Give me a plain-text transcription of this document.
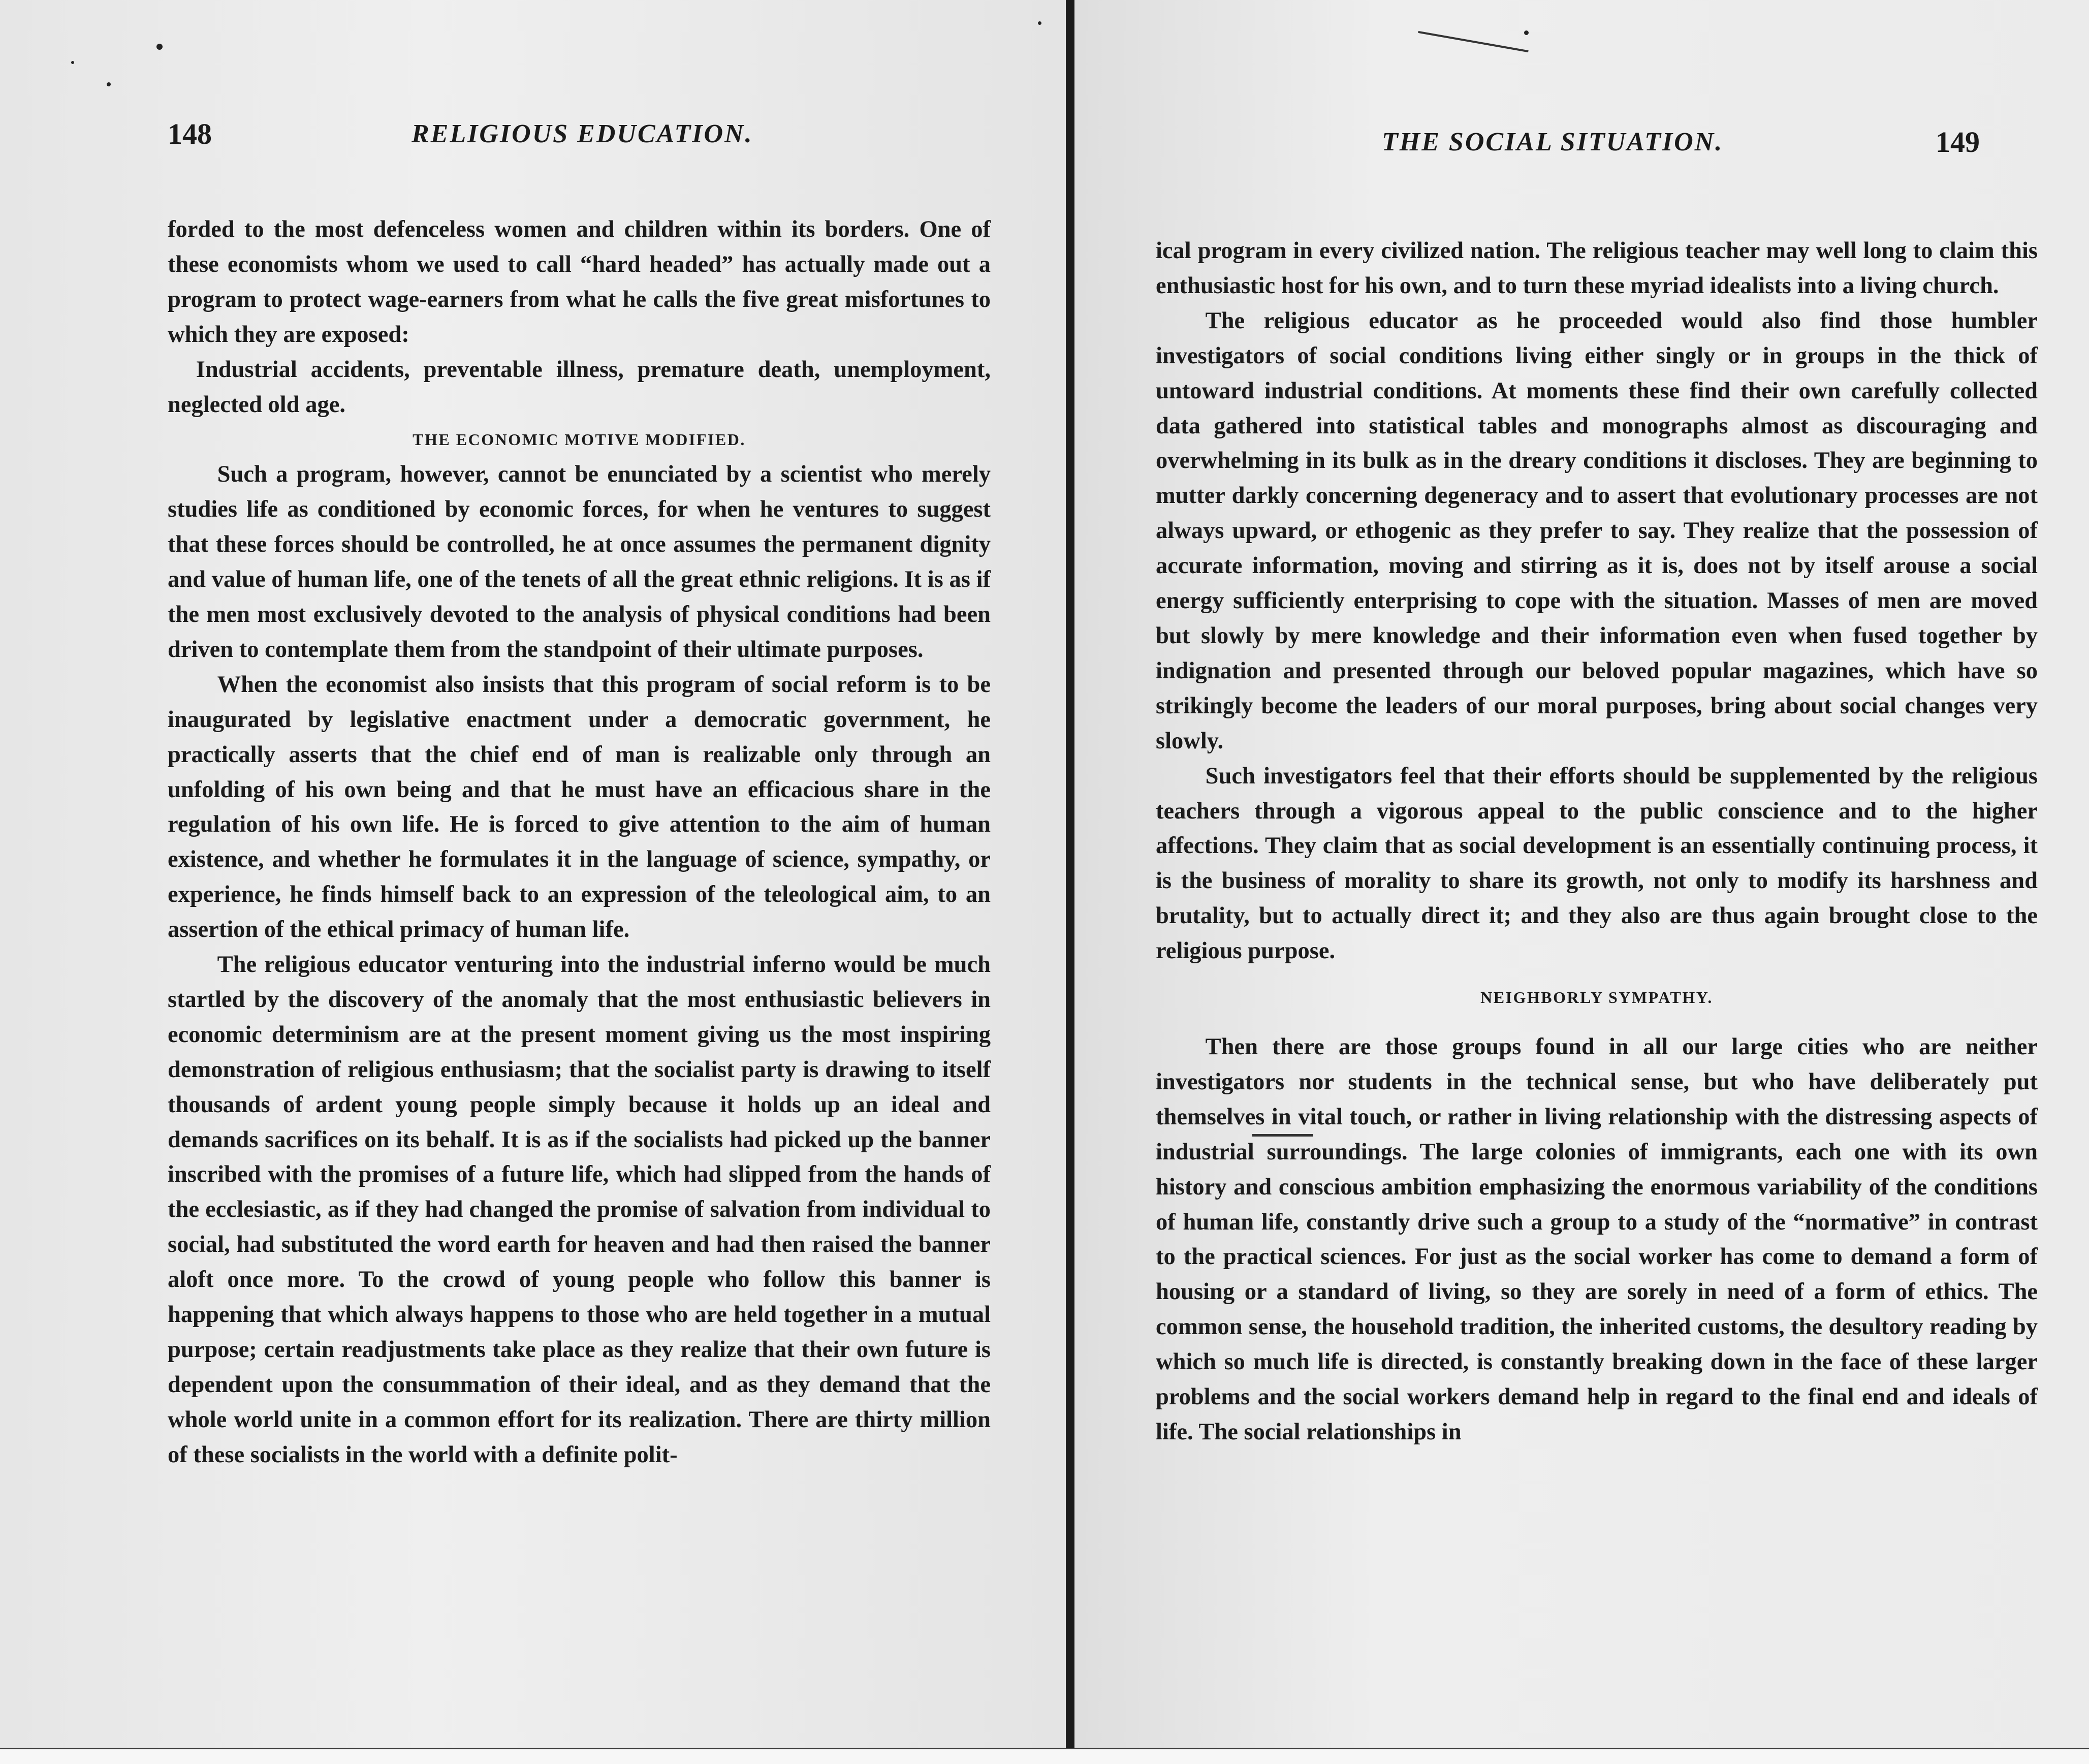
148	RELIGIOUS EDUCATION.

forded to the most defenceless women and children within its borders. One of these economists whom we used to call “hard headed” has actually made out a program to protect wage-earners from what he calls the five great misfortunes to which they are exposed:

Industrial accidents, preventable illness, premature death, unemployment, neglected old age.

THE ECONOMIC MOTIVE MODIFIED.

Such a program, however, cannot be enunciated by a scientist who merely studies life as conditioned by economic forces, for when he ventures to suggest that these forces should be controlled, he at once assumes the permanent dignity and value of human life, one of the tenets of all the great ethnic religions. It is as if the men most exclusively devoted to the analysis of physical conditions had been driven to contemplate them from the standpoint of their ultimate purposes.

When the economist also insists that this program of social reform is to be inaugurated by legislative enactment under a democratic government, he practically asserts that the chief end of man is realizable only through an unfolding of his own being and that he must have an efficacious share in the regulation of his own life. He is forced to give attention to the aim of human existence, and whether he formulates it in the language of science, sympathy, or experience, he finds himself back to an expression of the teleological aim, to an assertion of the ethical primacy of human life.

The religious educator venturing into the industrial inferno would be much startled by the discovery of the anomaly that the most enthusiastic believers in economic determinism are at the present moment giving us the most inspiring demonstration of religious enthusiasm; that the socialist party is drawing to itself thousands of ardent young people simply because it holds up an ideal and demands sacrifices on its behalf. It is as if the socialists had picked up the banner inscribed with the promises of a future life, which had slipped from the hands of the ecclesiastic, as if they had changed the promise of salvation from individual to social, had substituted the word earth for heaven and had then raised the banner aloft once more. To the crowd of young people who follow this banner is happening that which always happens to those who are held together in a mutual purpose; certain readjustments take place as they realize that their own future is dependent upon the consummation of their ideal, and as they demand that the whole world unite in a common effort for its realization. There are thirty million of these socialists in the world with a definite polit-

THE SOCIAL SITUATION.	149

ical program in every civilized nation. The religious teacher may well long to claim this enthusiastic host for his own, and to turn these myriad idealists into a living church.

The religious educator as he proceeded would also find those humbler investigators of social conditions living either singly or in groups in the thick of untoward industrial conditions. At moments these find their own carefully collected data gathered into statistical tables and monographs almost as discouraging and overwhelming in its bulk as in the dreary conditions it discloses. They are beginning to mutter darkly concerning degeneracy and to assert that evolutionary processes are not always upward, or ethogenic as they prefer to say. They realize that the possession of accurate information, moving and stirring as it is, does not by itself arouse a social energy sufficiently enterprising to cope with the situation. Masses of men are moved but slowly by mere knowledge and their information even when fused together by indignation and presented through our beloved popular magazines, which have so strikingly become the leaders of our moral purposes, bring about social changes very slowly.

Such investigators feel that their efforts should be supplemented by the religious teachers through a vigorous appeal to the public conscience and to the higher affections. They claim that as social development is an essentially continuing process, it is the business of morality to share its growth, not only to modify its harshness and brutality, but to actually direct it; and they also are thus again brought close to the religious purpose.

NEIGHBORLY SYMPATHY.

Then there are those groups found in all our large cities who are neither investigators nor students in the technical sense, but who have deliberately put themselves in vital touch, or rather in living relationship with the distressing aspects of industrial surroundings. The large colonies of immigrants, each one with its own history and conscious ambition emphasizing the enormous variability of the conditions of human life, constantly drive such a group to a study of the “normative” in contrast to the practical sciences. For just as the social worker has come to demand a form of housing or a standard of living, so they are sorely in need of a form of ethics. The common sense, the household tradition, the inherited customs, the desultory reading by which so much life is directed, is constantly breaking down in the face of these larger problems and the social workers demand help in regard to the final end and ideals of life. The social relationships in
